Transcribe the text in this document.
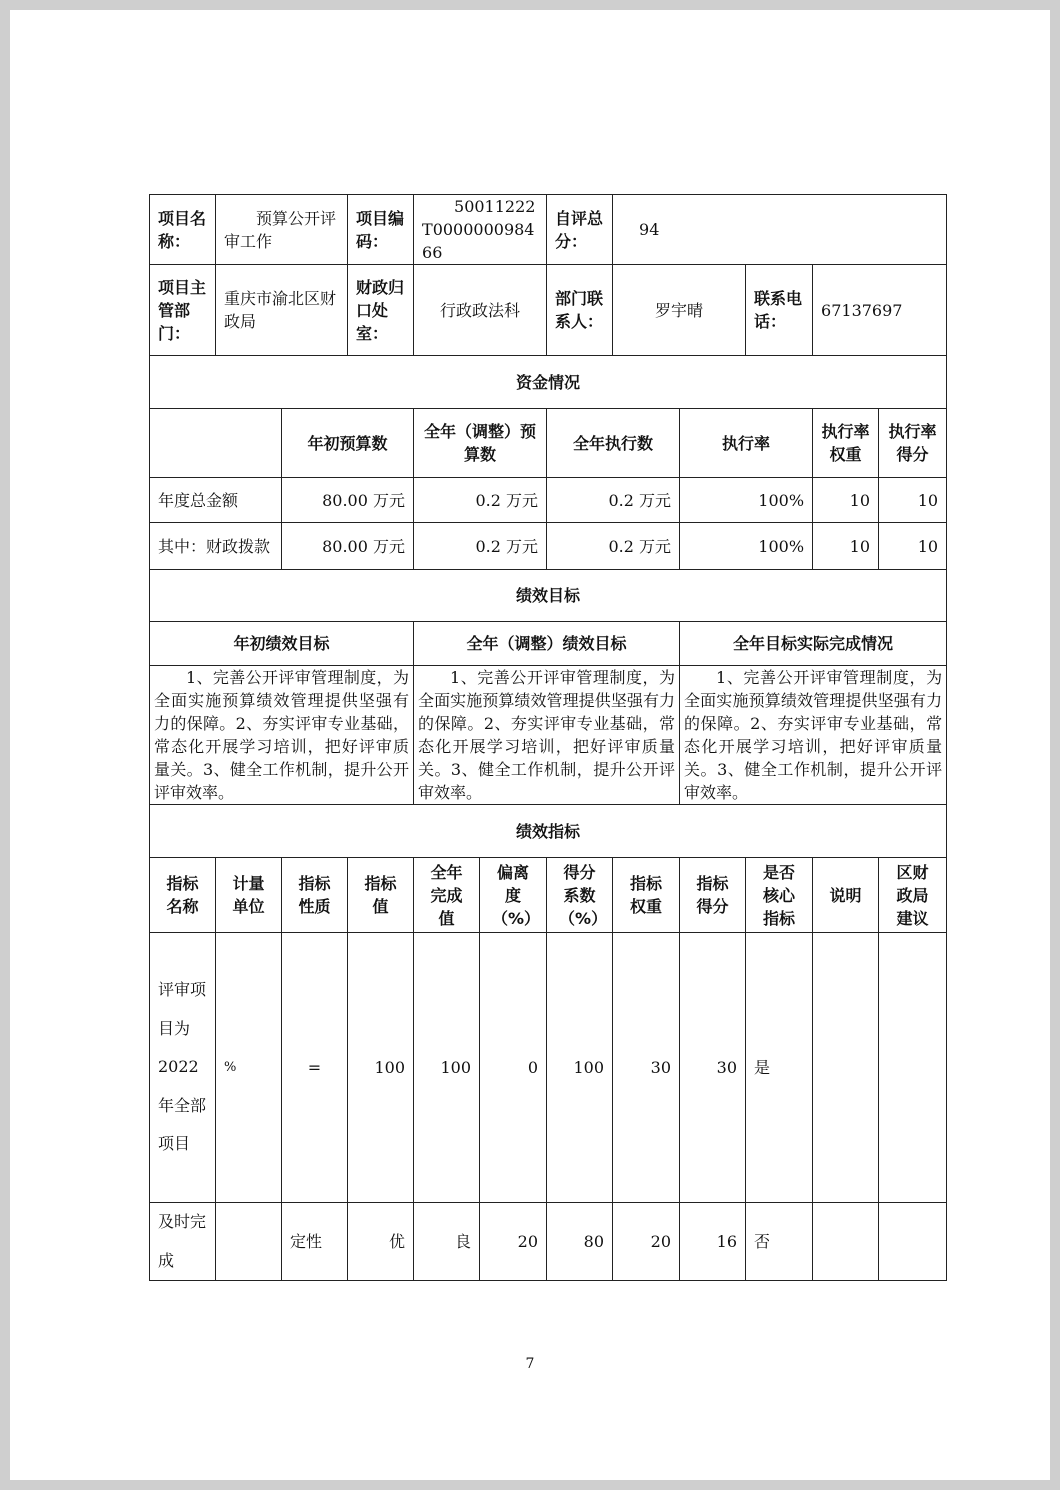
项目名称：	预算公开评审工作		项目编码：	50011222T000000098466		自评总分：	94				
项目主管部门：	重庆市渝北区财政局		财政归口处室：	行政政法科		部门联系人：	罗宇晴		联系电话：	67137697	
资金情况											
		年初预算数		全年（调整）预算数		全年执行数		执行率		执行率权重	执行率得分
年度总金额		80.00 万元		0.2 万元		0.2 万元		100%		10	10
其中：财政拨款		80.00 万元		0.2 万元		0.2 万元		100%		10	10
绩效目标											
年初绩效目标				全年（调整）绩效目标				全年目标实际完成情况			
1、完善公开评审管理制度，为全面实施预算绩效管理提供坚强有力的保障。2、夯实评审专业基础，常态化开展学习培训，把好评审质量关。3、健全工作机制，提升公开评审效率。				1、完善公开评审管理制度，为全面实施预算绩效管理提供坚强有力的保障。2、夯实评审专业基础，常态化开展学习培训，把好评审质量关。3、健全工作机制，提升公开评审效率。				1、完善公开评审管理制度，为全面实施预算绩效管理提供坚强有力的保障。2、夯实评审专业基础，常态化开展学习培训，把好评审质量关。3、健全工作机制，提升公开评审效率。			
绩效指标											
指标名称	计量单位	指标性质	指标值	全年完成值	偏离度（%）	得分系数（%）	指标权重	指标得分	是否核心指标	说明	区财政局建议
评审项目为2022年全部项目	%	=	100	100	0	100	30	30	是		
及时完成		定性	优	良	20	80	20	16	否		
7
